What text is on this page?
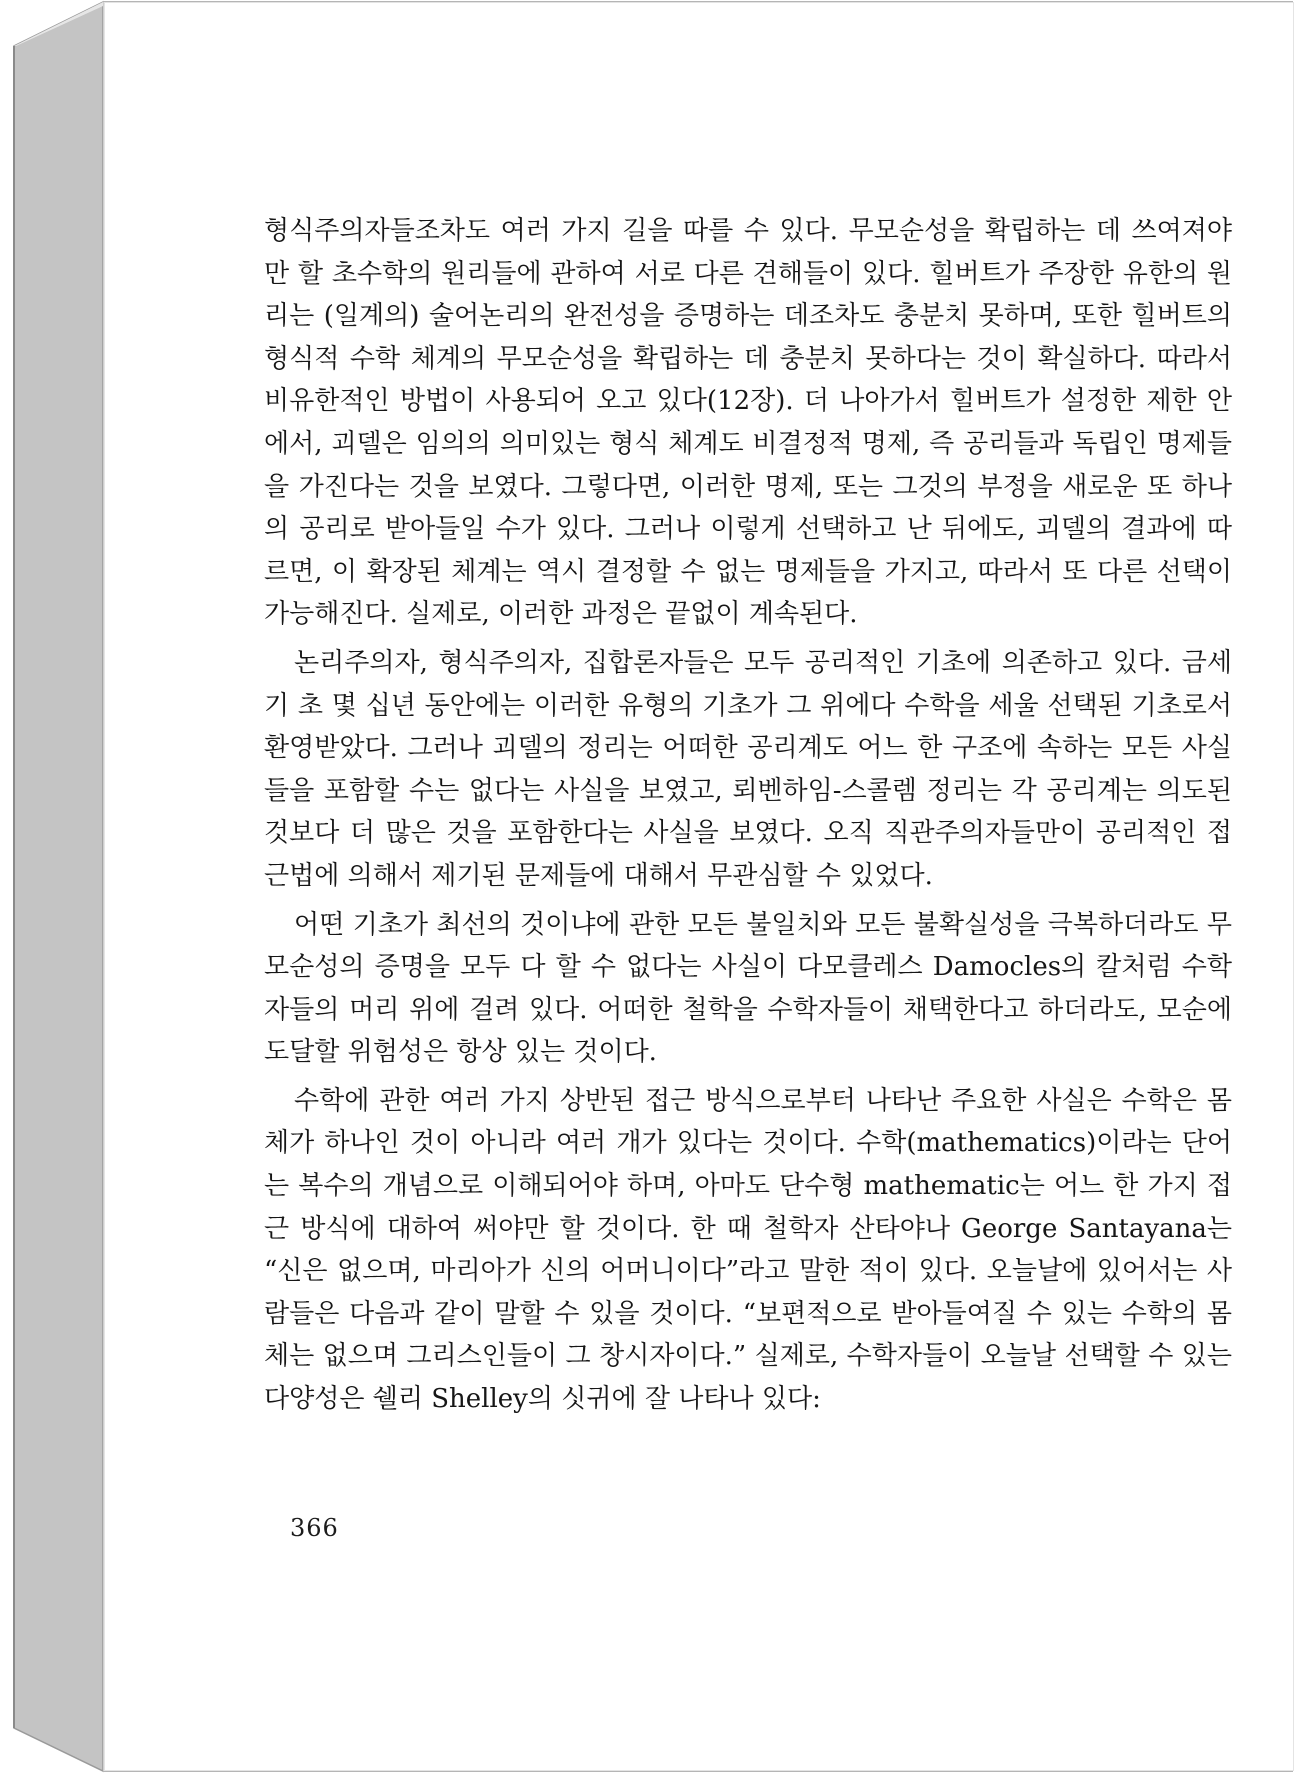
형식주의자들조차도 여러 가지 길을 따를 수 있다. 무모순성을 확립하는 데 쓰여져야만 할 초수학의 원리들에 관하여 서로 다른 견해들이 있다. 힐버트가 주장한 유한의 원리는 (일계의) 술어논리의 완전성을 증명하는 데조차도 충분치 못하며, 또한 힐버트의 형식적 수학 체계의 무모순성을 확립하는 데 충분치 못하다는 것이 확실하다. 따라서 비유한적인 방법이 사용되어 오고 있다(12장). 더 나아가서 힐버트가 설정한 제한 안에서, 괴델은 임의의 의미있는 형식 체계도 비결정적 명제, 즉 공리들과 독립인 명제들을 가진다는 것을 보였다. 그렇다면, 이러한 명제, 또는 그것의 부정을 새로운 또 하나의 공리로 받아들일 수가 있다. 그러나 이렇게 선택하고 난 뒤에도, 괴델의 결과에 따르면, 이 확장된 체계는 역시 결정할 수 없는 명제들을 가지고, 따라서 또 다른 선택이 가능해진다. 실제로, 이러한 과정은 끝없이 계속된다.

논리주의자, 형식주의자, 집합론자들은 모두 공리적인 기초에 의존하고 있다. 금세기 초 몇 십년 동안에는 이러한 유형의 기초가 그 위에다 수학을 세울 선택된 기초로서 환영받았다. 그러나 괴델의 정리는 어떠한 공리계도 어느 한 구조에 속하는 모든 사실들을 포함할 수는 없다는 사실을 보였고, 뢰벤하임-스콜렘 정리는 각 공리계는 의도된 것보다 더 많은 것을 포함한다는 사실을 보였다. 오직 직관주의자들만이 공리적인 접근법에 의해서 제기된 문제들에 대해서 무관심할 수 있었다.

어떤 기초가 최선의 것이냐에 관한 모든 불일치와 모든 불확실성을 극복하더라도 무모순성의 증명을 모두 다 할 수 없다는 사실이 다모클레스 Damocles의 칼처럼 수학자들의 머리 위에 걸려 있다. 어떠한 철학을 수학자들이 채택한다고 하더라도, 모순에 도달할 위험성은 항상 있는 것이다.

수학에 관한 여러 가지 상반된 접근 방식으로부터 나타난 주요한 사실은 수학은 몸체가 하나인 것이 아니라 여러 개가 있다는 것이다. 수학(mathematics)이라는 단어는 복수의 개념으로 이해되어야 하며, 아마도 단수형 mathematic는 어느 한 가지 접근 방식에 대하여 써야만 할 것이다. 한 때 철학자 산타야나 George Santayana는 “신은 없으며, 마리아가 신의 어머니이다”라고 말한 적이 있다. 오늘날에 있어서는 사람들은 다음과 같이 말할 수 있을 것이다. “보편적으로 받아들여질 수 있는 수학의 몸체는 없으며 그리스인들이 그 창시자이다.” 실제로, 수학자들이 오늘날 선택할 수 있는 다양성은 쉘리 Shelley의 싯귀에 잘 나타나 있다:

366
